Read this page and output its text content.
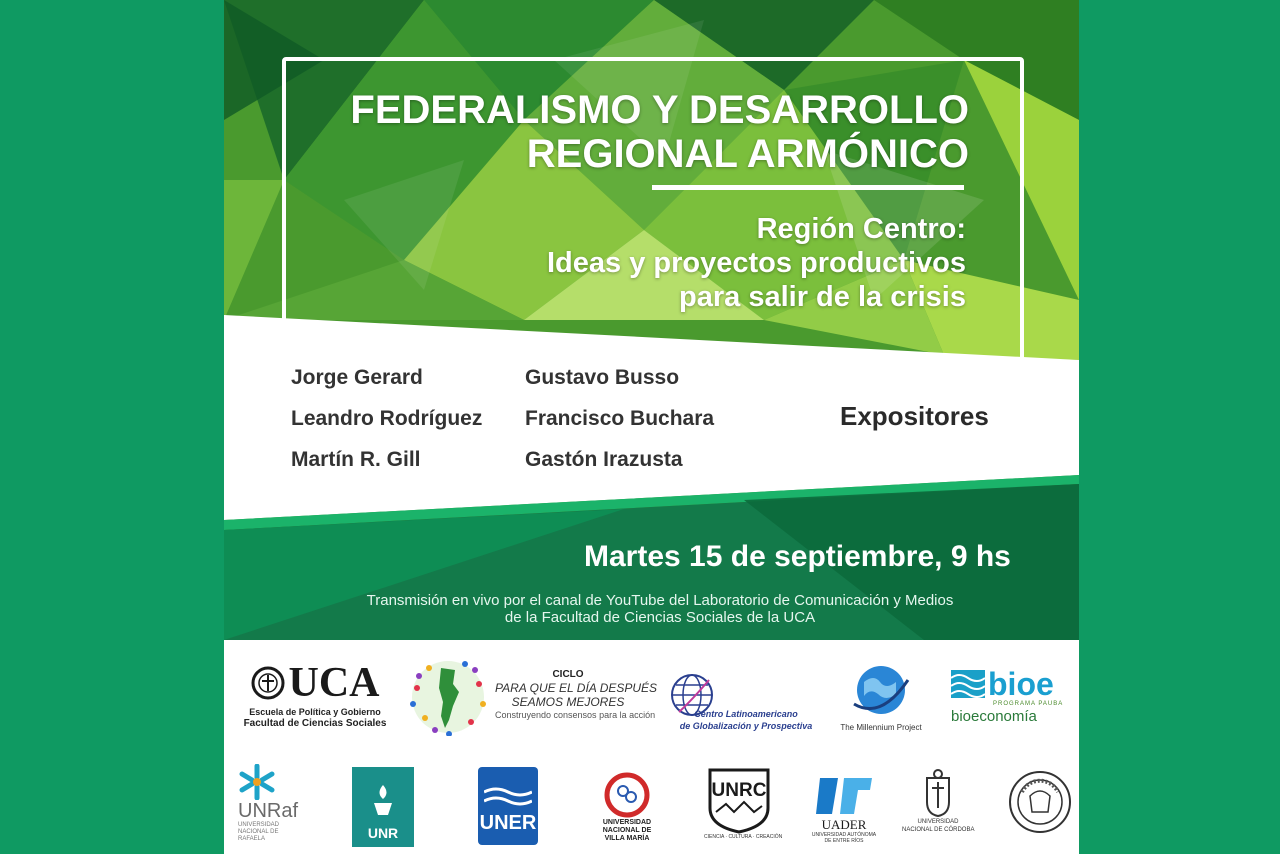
FEDERALISMO Y DESARROLLO
REGIONAL ARMÓNICO
Región Centro:
Ideas y proyectos productivos
para salir de la crisis
Jorge Gerard	Gustavo Busso
Leandro Rodríguez	Francisco Buchara
Martín R. Gill	Gastón Irazusta
Expositores
Martes 15 de septiembre, 9 hs
Transmisión en vivo por el canal de YouTube del Laboratorio de Comunicación y Medios
de la Facultad de Ciencias Sociales de la UCA
UCA
Escuela de Política y Gobierno
Facultad de Ciencias Sociales
CICLO
PARA QUE EL DÍA DESPUÉS
SEAMOS MEJORES
Construyendo consensos para la acción	Centro Latinoamericano
de Globalización y Prospectiva	The Millennium Project
bioe
PROGRAMA PAUBA
bioeconomía
UNRaf
UNIVERSIDAD
NACIONAL DE
RAFAELA	UNR	UNER	UNIVERSIDAD
NACIONAL DE
VILLA MARÍA
UNRC
CIENCIA · CULTURA · CREACIÓN
UADER
UNIVERSIDAD AUTÓNOMA
DE ENTRE RÍOS
UNIVERSIDAD
NACIONAL DE CÓRDOBA
